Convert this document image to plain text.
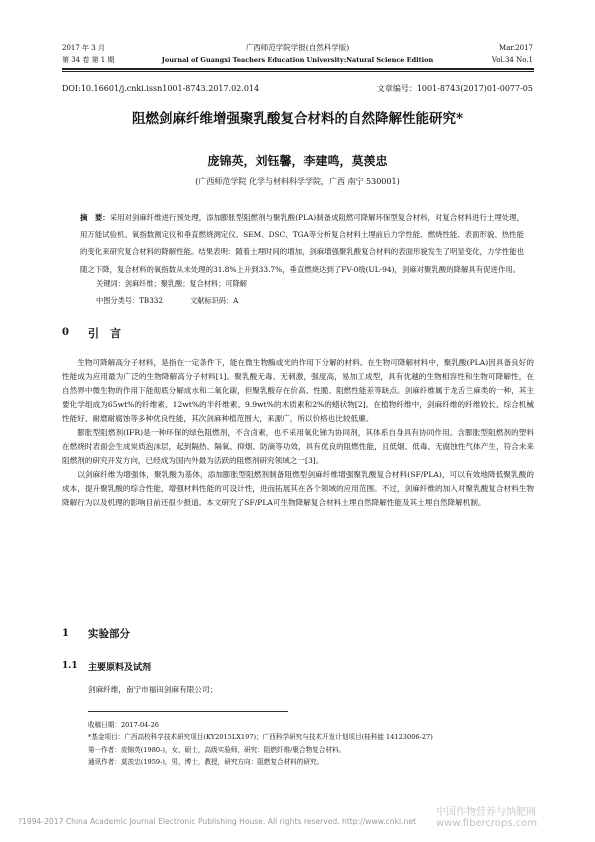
2017 年 3 月
第 34 卷 第 1 期
广西师范学院学报(自然科学版)
Journal of Guangxi Teachers Education University:Natural Science Edition
Mar.2017
Vol.34 No.1
DOI:10.16601/j.cnki.issn1001-8743.2017.02.014	文章编号：1001-8743(2017)01-0077-05
阻燃剑麻纤维增强聚乳酸复合材料的自然降解性能研究*
庞锦英，刘钰馨，李建鸣，莫羡忠
(广西师范学院 化学与材料科学学院，广西 南宁 530001)
摘　要：采用对剑麻纤维进行预处理，添加膨胀型阻燃剂与聚乳酸(PLA)制备成阻燃可降解环保型复合材料，对复合材料进行土埋处理，用万能试验机、氧指数测定仪和垂直燃烧测定仪、SEM、DSC、TGA等分析复合材料土埋前后力学性能、燃烧性能、表面形貌、热性能的变化来研究复合材料的降解性能。结果表明：随着土埋时间的增加，剑麻增强聚乳酸复合材料的表面形貌发生了明显变化，力学性能也随之下降，复合材料的氧指数从未处理的31.8%上升到33.7%，垂直燃烧达到了FV-0级(UL-94)，剑麻对聚乳酸的降解具有促进作用。
关键词：剑麻纤维；聚乳酸；复合材料；可降解
中图分类号：TB332	文献标识码：A
0 引　言

生物可降解高分子材料，是指在一定条件下，能在微生物酶或光的作用下分解的材料。在生物可降解材料中，聚乳酸(PLA)因具备良好的性能成为应用最为广泛的生物降解高分子材料[1]。聚乳酸无毒、无刺激，强度高，易加工成型，具有优越的生物相容性和生物可降解性，在自然界中微生物的作用下能彻底分解成水和二氧化碳，但聚乳酸存在价高、性脆、阻燃性能差等缺点。剑麻纤维属于龙舌兰麻类的一种，其主要化学组成为65wt%的纤维素、12wt%的半纤维素、9.9wt%的木质素和2%的蜡状物[2]。在植物纤维中，剑麻纤维的纤维较长、综合机械性能好、耐磨耐腐蚀等多种优良性能，其次剑麻种植范围大，来源广，所以价格也比较低廉。

膨胀型阻燃剂(IFR)是一种环保的绿色阻燃剂，不含卤素，也不采用氧化锑为协同剂，其体系自身具有协同作用。含膨胀型阻燃剂的塑料在燃烧时表面会生成炭质泡沫层，起到隔热、隔氧、抑烟、防滴等功效，具有优良的阻燃性能，且低烟、低毒、无腐蚀性气体产生，符合未来阻燃剂的研究开发方向，已经成为国内外最为活跃的阻燃剂研究领域之一[3]。

以剑麻纤维为增强体，聚乳酸为基体，添加膨胀型阻燃剂制备阻燃型剑麻纤维增强聚乳酸复合材料(SF/PLA)，可以有效地降低聚乳酸的成本，提升聚乳酸的综合性能，增强材料性能的可设计性，进而拓展其在各个领域的应用范围。不过，剑麻纤维的加入对聚乳酸复合材料生物降解行为以及机理的影响目前还很少报道。本文研究了SF/PLA可生物降解复合材料土埋自然降解性能及其土埋自然降解机制。

1 实验部分
1.1 主要原料及试剂
剑麻纤维，南宁市福田剑麻有限公司；
收稿日期：2017-04-26
*基金项目：广西高校科学技术研究项目(KY2015LX197)；广西科学研究与技术开发计划项目(桂科能 14123006-27)
第一作者：庞锦英(1980-)，女，硕士，高级实验师，研究：阻燃纤维/聚合物复合材料。
通讯作者：莫羡忠(1959-)，男，博士，教授，研究方向：阻燃复合材料的研究。
中国作物营养与纳肥网 www.fibercrops.com
?1994-2017 China Academic Journal Electronic Publishing House. All rights reserved. http://www.cnki.net
